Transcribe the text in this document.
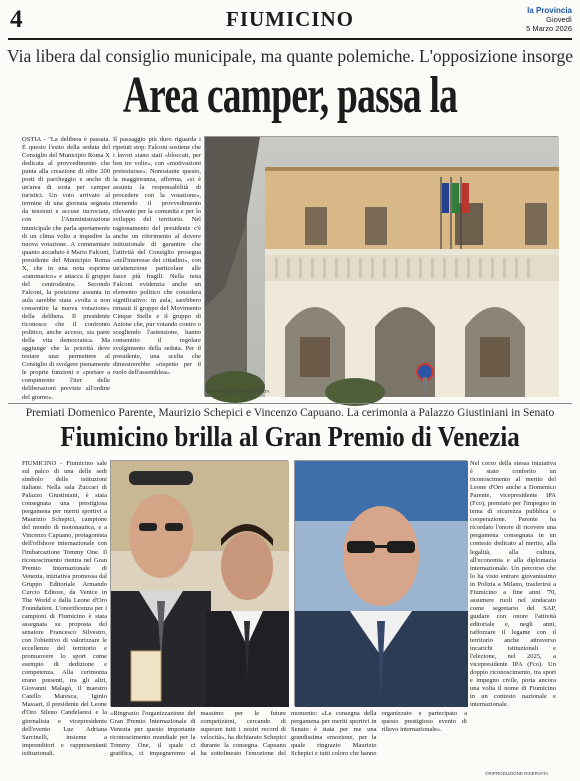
4	FIUMICINO	la Provincia
Giovedì
5 Marzo 2026
Via libera dal consiglio municipale, ma quante polemiche. L'opposizione insorge
Area camper, passa la

OSTIA - "La delibera è passata. È questo l'esito della seduta del Consiglio del Municipio Roma X dedicata al provvedimento che punta alla creazione di oltre 200 posti di parcheggio e anche di un'area di sosta per camper turistici. Un voto arrivato al termine di una giornata segnata da tensioni e accuse incrociate, con l'Amministrazione municipale che parla apertamente di un clima volto a impedire la nuova votazione. A commentare quanto accaduto è Mario Falconi, presidente del Municipio Roma X, che in una nota esprime «rammarico» e attacca il gruppo del centrodestra. Secondo Falconi, la posizione assunta in aula sarebbe stata «volta a non consentire la nuova votazione» della delibera. Il presidente riconosce che il confronto politico, anche acceso, sia parte della vita democratica. Ma aggiunge che la priorità deve restare una: permettere al Consiglio di svolgere pienamente le proprie funzioni e «portare a compimento l'iter delle deliberazioni previste all'ordine del giorno».

Il passaggio più duro riguarda i ripetuti stop: Falconi sostiene che i lavori siano stati «bloccati, per ben tre volte», con «motivazioni pretestuose». Nonostante questo, la maggioranza, afferma, «si è assunta la responsabilità di procedere con la votazione», ritenendo il provvedimento rilevante per la comunità e per lo sviluppo del territorio. Nel ragionamento del presidente c'è anche un riferimento al dovere istituzionale di garantire che l'attività del Consiglio prosegua «nell'interesse dei cittadini», con un'attenzione particolare alle fasce più fragili. Nella nota Falconi evidenzia anche un elemento politico che considera significativo: in aula, sarebbero rimasti il gruppo del Movimento Cinque Stelle e il gruppo di Azione che, pur votando contro o scegliendo l'astensione, hanno consentito il regolare svolgimento della seduta. Per il presidente, una scelta che dimostrerebbe «rispetto per il ruolo dell'assemblea».

©RIPRODUZIONE RISERVATA
Premiati Domenico Parente, Maurizio Schepici e Vincenzo Capuano. La cerimonia a Palazzo Giustiniani in Senato
Fiumicino brilla al Gran Premio di Venezia

FIUMICINO - Fiumicino sale sul palco di una delle sedi simbolo delle istituzioni italiane. Nella sala Zuccari di Palazzo Giustiniani, è stata consegnata una prestigiosa pergamena per meriti sportivi a Maurizio Schepici, campione del mondo di motonautica, e a Vincenzo Capuano, protagonista dell'offshore internazionale con l'imbarcazione Tommy One. Il riconoscimento rientra nel Gran Premio Internazionale di Venezia, iniziativa promossa dal Gruppo Editoriale Armando Curcio Editore, da Venice in The World e dalla Leone d'Oro Foundation. L'onorificenza per i campioni di Fiumicino è stata assegnata su proposta del senatore Francesco Silvestro, con l'obiettivo di valorizzare le eccellenze del territorio e promuovere lo sport come esempio di dedizione e competenza. Alla cerimonia erano presenti, tra gli altri, Giovanni Malagò, il maestro Catello Maresca, Iginio Massari, il presidente del Leone d'Oro Sileno Candelaresi e la giornalista e vicepresidente dell'evento Luz Adriana Sarcinelli, insieme a imprenditori e rappresentanti istituzionali.

Nel corso della stessa iniziativa è stato conferito un riconoscimento al merito del Leone d'Oro anche a Domenico Parente, vicepresidente IPA (Fco), premiato per l'impegno in tema di sicurezza pubblica e cooperazione. Parente ha ricordato l'onore di ricevere una pergamena consegnata in un contesto dedicato al merito, alla legalità, alla cultura, all'economia e alla diplomazia internazionale. Un percorso che lo ha visto entrare giovanissimo in Polizia a Milano, trasferirsi a Fiumicino a fine anni '70, assumere ruoli nel sindacato come segretario del SAP, guidare con onore l'attività editoriale e, negli anni, rafforzare il legame con il territorio anche attraverso incarichi istituzionali e l'elezione, nel 2025, a vicepresidente IPA (Fco). Un doppio riconoscimento, tra sport e impegno civile, porta ancora una volta il nome di Fiumicino in un contesto nazionale e internazionale.

«Ringrazio l'organizzazione del Gran Premio Internazionale di Venezia per questo importante riconoscimento mondiale per la Tommy One, il quale ci gratifica, ci impegneremo al massimo per le future competizioni, cercando di superare tutti i nostri record di velocità», ha dichiarato Schepici durante la consegna. Capuano ha sottolineato l'emozione del momento: «La consegna della pergamena per meriti sportivi in Senato è stata per me una grandissima emozione, per la quale ringrazio Maurizio Schepici e tutti coloro che hanno organizzato e partecipato a questo prestigioso evento di rilievo internazionale».

©RIPRODUZIONE RISERVATA
